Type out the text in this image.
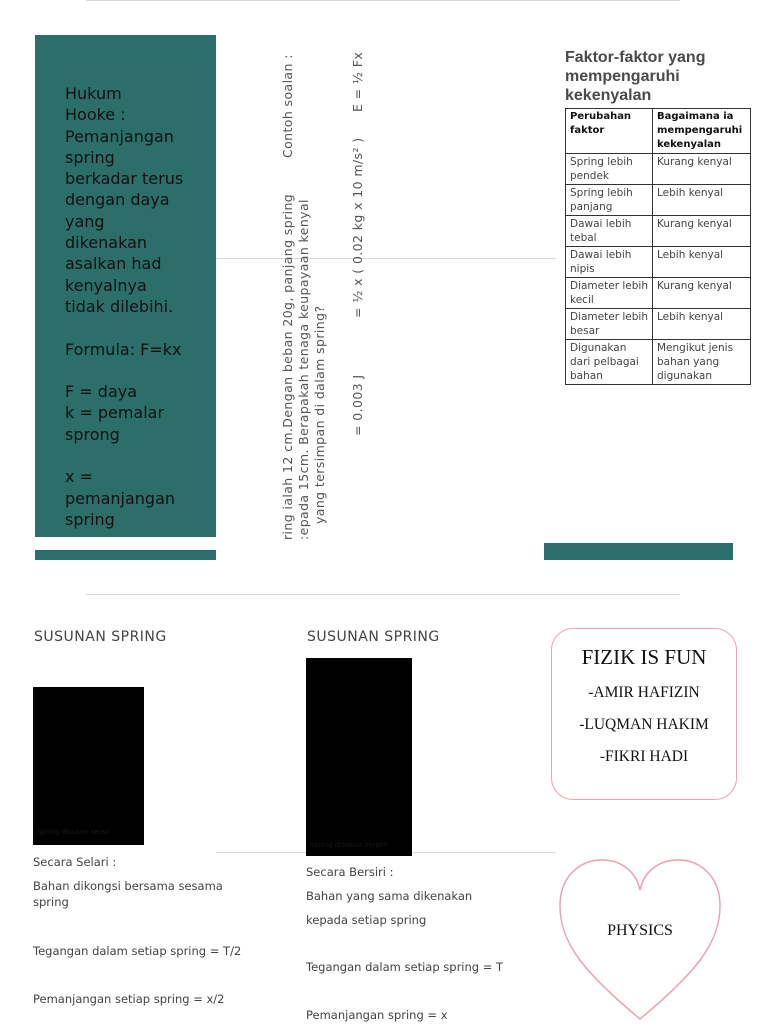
Hukum
Hooke :
Pemanjangan
spring
berkadar terus
dengan daya
yang
dikenakan
asalkan had
kenyalnya
tidak dilebihi.

Formula: F=kx

F = daya
k = pemalar
sprong

x =
pemanjangan
spring	ring ialah 12 cm.Dengan beban 20g, panjang spring :epada 15cm. Berapakah tenaga keupayaan kenyal yang tersimpan di dalam spring?
Contoh soalan :	E = ½ Fx
= ½ x ( 0.02 kg x 10 m/s² )
= 0.003 J
Faktor-faktor yang mempengaruhi kekenyalan
Perubahan faktor	Bagaimana ia mempengaruhi kekenyalan
Spring lebih pendek	Kurang kenyal
Spring lebih panjang	Lebih kenyal
Dawai lebih tebal	Kurang kenyal
Dawai lebih nipis	Lebih kenyal
Diameter lebih kecil	Kurang kenyal
Diameter lebih besar	Lebih kenyal
Digunakan dari pelbagai bahan	Mengikut jenis bahan yang digunakan
SUSUNAN SPRING
Spring disusun selari
Secara Selari :
Bahan dikongsi bersama sesama
spring
Tegangan dalam setiap spring = T/2
Pemanjangan setiap spring = x/2
SUSUNAN SPRING
Spring disusun bersiri
Secara Bersiri :
Bahan yang sama dikenakan
kepada setiap spring
Tegangan dalam setiap spring = T
Pemanjangan spring = x
FIZIK IS FUN
-AMIR HAFIZIN
-LUQMAN HAKIM
-FIKRI HADI
PHYSICS
